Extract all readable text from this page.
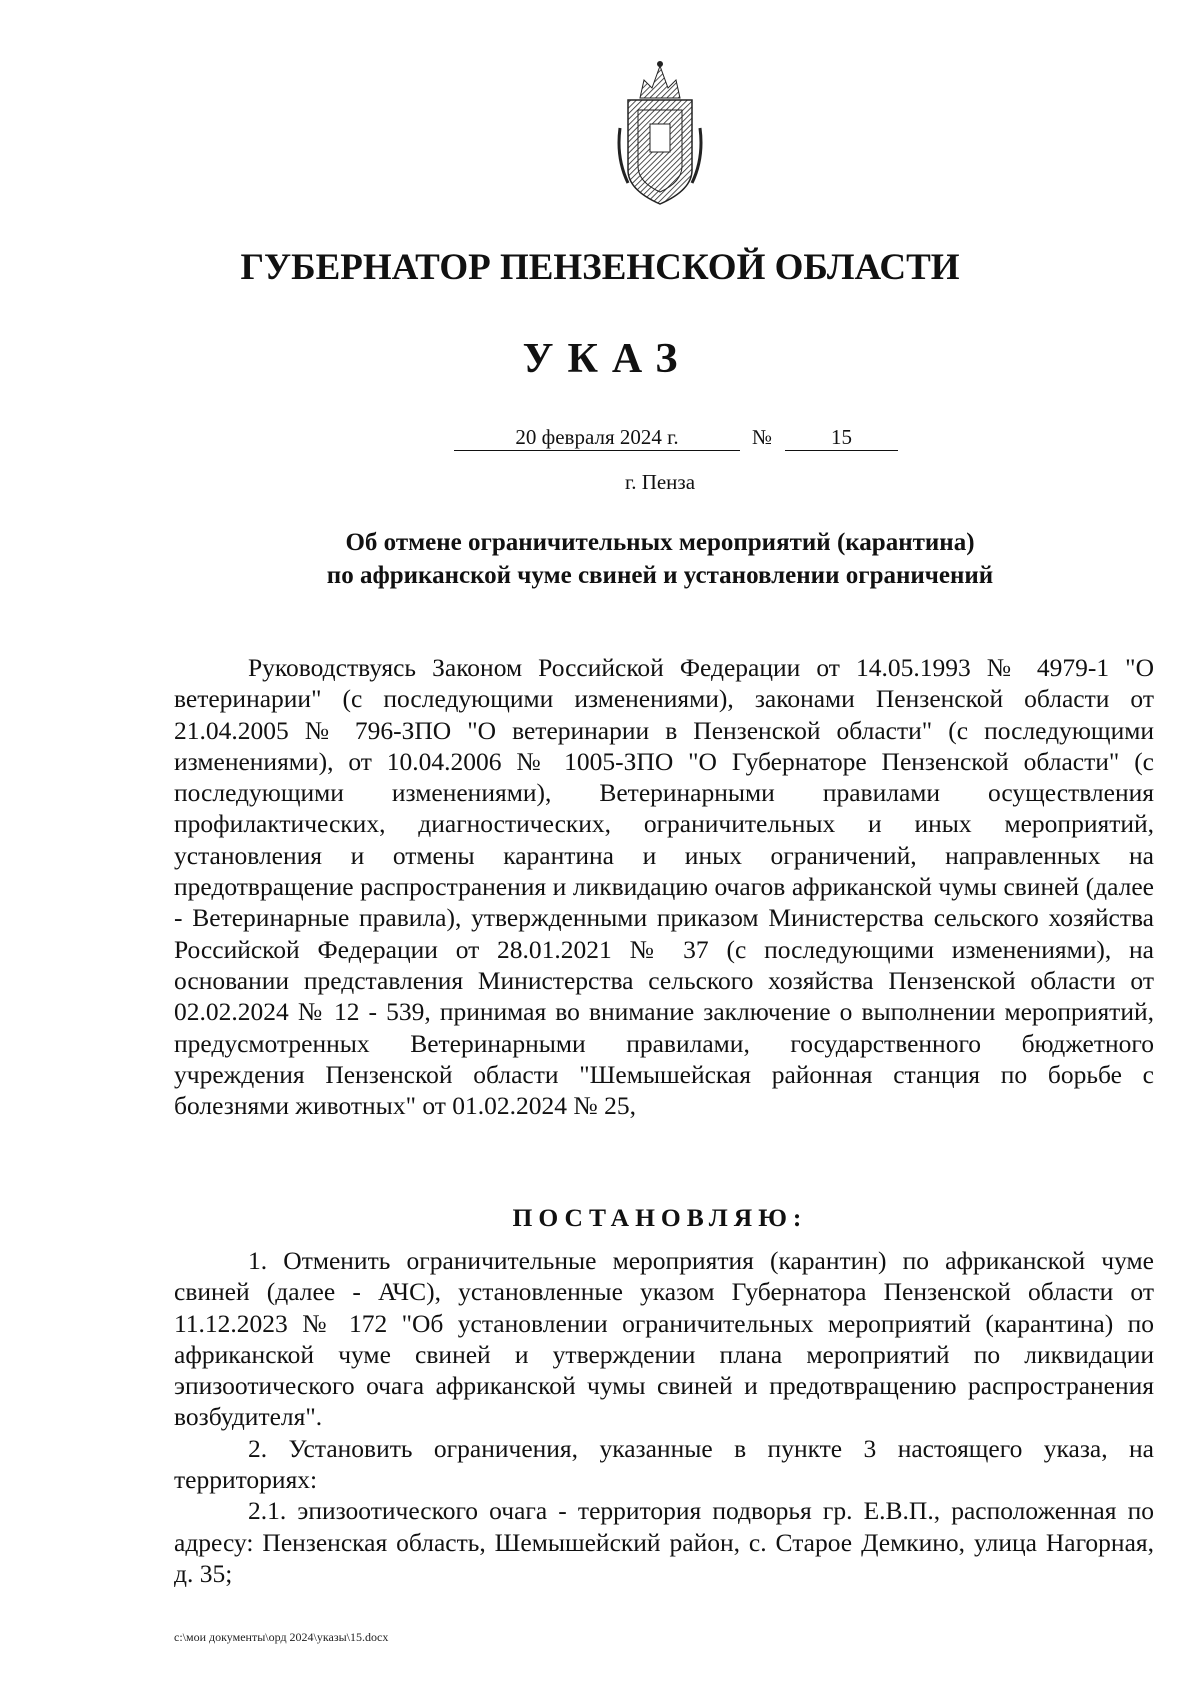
ГУБЕРНАТОР ПЕНЗЕНСКОЙ ОБЛАСТИ
УКАЗ
20 февраля 2024 г.	№	15
г. Пенза
Об отмене ограничительных мероприятий (карантина)
по африканской чуме свиней и установлении ограничений

Руководствуясь Законом Российской Федерации от 14.05.1993 № 4979-1 "О ветеринарии" (с последующими изменениями), законами Пензенской области от 21.04.2005 № 796-ЗПО "О ветеринарии в Пензенской области" (с последующими изменениями), от 10.04.2006 № 1005-ЗПО "О Губернаторе Пензенской области" (с последующими изменениями), Ветеринарными правилами осуществления профилактических, диагностических, ограничительных и иных мероприятий, установления и отмены карантина и иных ограничений, направленных на предотвращение распространения и ликвидацию очагов африканской чумы свиней (далее - Ветеринарные правила), утвержденными приказом Министерства сельского хозяйства Российской Федерации от 28.01.2021 № 37 (с последующими изменениями), на основании представления Министерства сельского хозяйства Пензенской области от 02.02.2024 № 12 - 539, принимая во внимание заключение о выполнении мероприятий, предусмотренных Ветеринарными правилами, государственного бюджетного учреждения Пензенской области "Шемышейская районная станция по борьбе с болезнями животных" от 01.02.2024 № 25,

ПОСТАНОВЛЯЮ:

1. Отменить ограничительные мероприятия (карантин) по африканской чуме свиней (далее - АЧС), установленные указом Губернатора Пензенской области от 11.12.2023 № 172 "Об установлении ограничительных мероприятий (карантина) по африканской чуме свиней и утверждении плана мероприятий по ликвидации эпизоотического очага африканской чумы свиней и предотвращению распространения возбудителя".

2. Установить ограничения, указанные в пункте 3 настоящего указа, на территориях:

2.1. эпизоотического очага - территория подворья гр. Е.В.П., расположенная по адресу: Пензенская область, Шемышейский район, с. Старое Демкино, улица Нагорная, д. 35;

c:\мои документы\орд 2024\указы\15.docx
